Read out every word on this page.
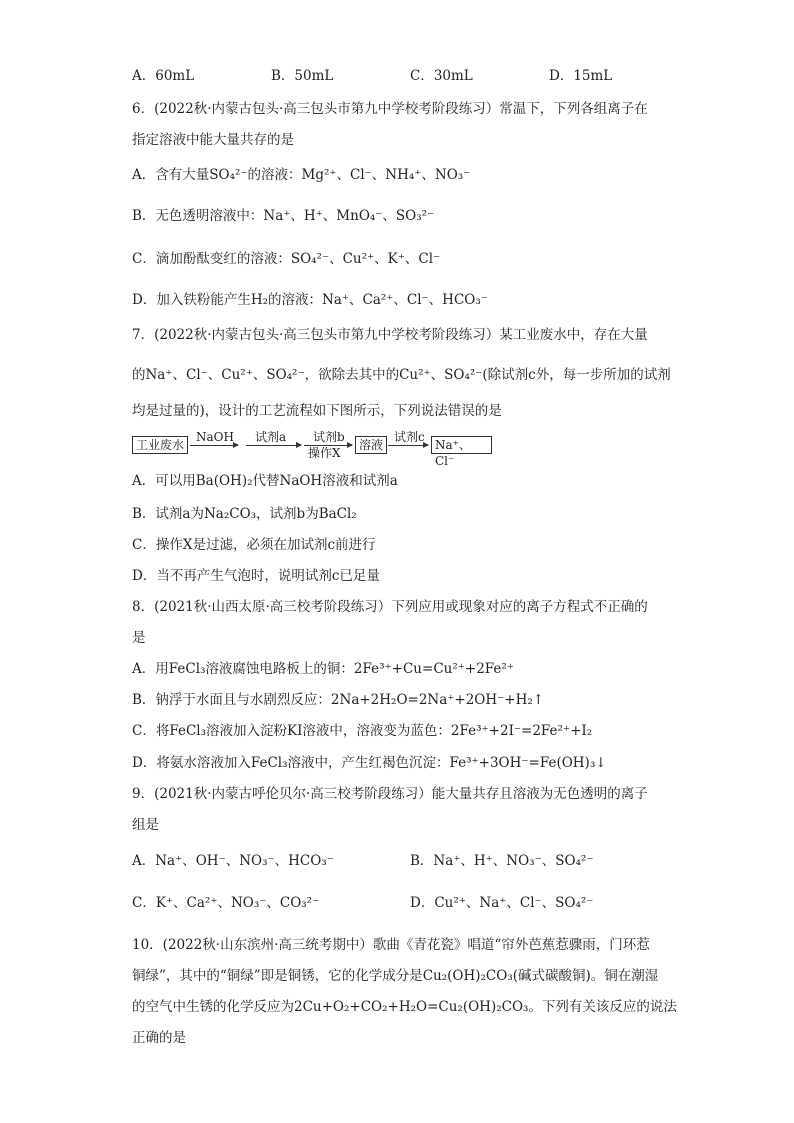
A．60mL	B．50mL	C．30mL	D．15mL
6．(2022秋·内蒙古包头·高三包头市第九中学校考阶段练习）常温下，下列各组离子在
指定溶液中能大量共存的是
A．含有大量SO₄²⁻的溶液：Mg²⁺、Cl⁻、NH₄⁺、NO₃⁻
B．无色透明溶液中：Na⁺、H⁺、MnO₄⁻、SO₃²⁻
C．滴加酚酞变红的溶液：SO₄²⁻、Cu²⁺、K⁺、Cl⁻
D．加入铁粉能产生H₂的溶液：Na⁺、Ca²⁺、Cl⁻、HCO₃⁻
7．(2022秋·内蒙古包头·高三包头市第九中学校考阶段练习）某工业废水中，存在大量
的Na⁺、Cl⁻、Cu²⁺、SO₄²⁻，欲除去其中的Cu²⁺、SO₄²⁻(除试剂c外，每一步所加的试剂
均是过量的)，设计的工艺流程如下图所示，下列说法错误的是
工业废水
NaOH 试剂a 试剂b
操作X
溶液
试剂c
Na⁺、Cl⁻
A．可以用Ba(OH)₂代替NaOH溶液和试剂a
B．试剂a为Na₂CO₃，试剂b为BaCl₂
C．操作X是过滤，必须在加试剂c前进行
D．当不再产生气泡时，说明试剂c已足量
8．(2021秋·山西太原·高三校考阶段练习）下列应用或现象对应的离子方程式不正确的
是
A．用FeCl₃溶液腐蚀电路板上的铜：2Fe³⁺+Cu=Cu²⁺+2Fe²⁺
B．钠浮于水面且与水剧烈反应：2Na+2H₂O=2Na⁺+2OH⁻+H₂↑
C．将FeCl₃溶液加入淀粉KI溶液中，溶液变为蓝色：2Fe³⁺+2I⁻=2Fe²⁺+I₂
D．将氨水溶液加入FeCl₃溶液中，产生红褐色沉淀：Fe³⁺+3OH⁻=Fe(OH)₃↓
9．(2021秋·内蒙古呼伦贝尔·高三校考阶段练习）能大量共存且溶液为无色透明的离子
组是
A．Na⁺、OH⁻、NO₃⁻、HCO₃⁻	B．Na⁺、H⁺、NO₃⁻、SO₄²⁻
C．K⁺、Ca²⁺、NO₃⁻、CO₃²⁻	D．Cu²⁺、Na⁺、Cl⁻、SO₄²⁻
10．(2022秋·山东滨州·高三统考期中）歌曲《青花瓷》唱道“帘外芭蕉惹骤雨，门环惹
铜绿”，其中的“铜绿”即是铜锈，它的化学成分是Cu₂(OH)₂CO₃(碱式碳酸铜)。铜在潮湿
的空气中生锈的化学反应为2Cu+O₂+CO₂+H₂O=Cu₂(OH)₂CO₃。下列有关该反应的说法
正确的是
